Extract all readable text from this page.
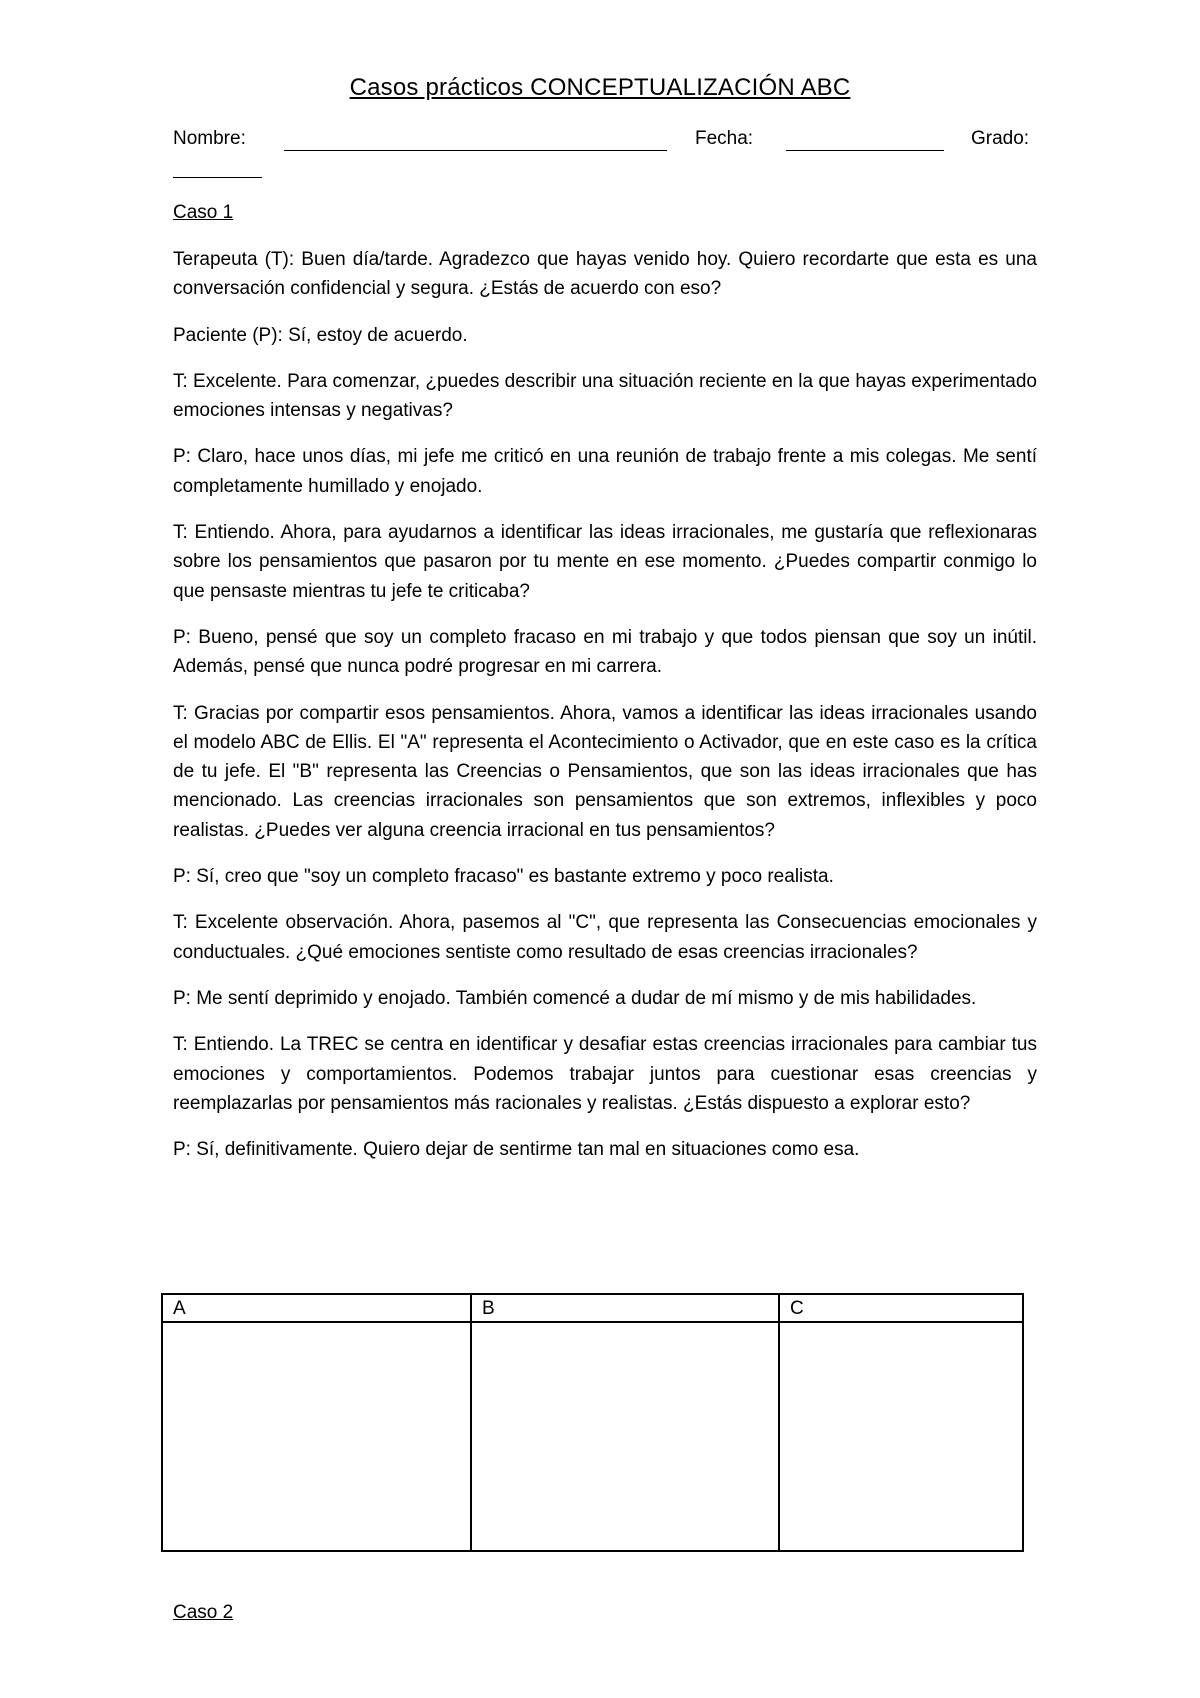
Casos prácticos CONCEPTUALIZACIÓN ABC
Nombre:	Fecha:	Grado:
Caso 1

Terapeuta (T): Buen día/tarde. Agradezco que hayas venido hoy. Quiero recordarte que esta es una conversación confidencial y segura. ¿Estás de acuerdo con eso?

Paciente (P): Sí, estoy de acuerdo.

T: Excelente. Para comenzar, ¿puedes describir una situación reciente en la que hayas experimentado emociones intensas y negativas?

P: Claro, hace unos días, mi jefe me criticó en una reunión de trabajo frente a mis colegas. Me sentí completamente humillado y enojado.

T: Entiendo. Ahora, para ayudarnos a identificar las ideas irracionales, me gustaría que reflexionaras sobre los pensamientos que pasaron por tu mente en ese momento. ¿Puedes compartir conmigo lo que pensaste mientras tu jefe te criticaba?

P: Bueno, pensé que soy un completo fracaso en mi trabajo y que todos piensan que soy un inútil. Además, pensé que nunca podré progresar en mi carrera.

T: Gracias por compartir esos pensamientos. Ahora, vamos a identificar las ideas irracionales usando el modelo ABC de Ellis. El "A" representa el Acontecimiento o Activador, que en este caso es la crítica de tu jefe. El "B" representa las Creencias o Pensamientos, que son las ideas irracionales que has mencionado. Las creencias irracionales son pensamientos que son extremos, inflexibles y poco realistas. ¿Puedes ver alguna creencia irracional en tus pensamientos?

P: Sí, creo que "soy un completo fracaso" es bastante extremo y poco realista.

T: Excelente observación. Ahora, pasemos al "C", que representa las Consecuencias emocionales y conductuales. ¿Qué emociones sentiste como resultado de esas creencias irracionales?

P: Me sentí deprimido y enojado. También comencé a dudar de mí mismo y de mis habilidades.

T: Entiendo. La TREC se centra en identificar y desafiar estas creencias irracionales para cambiar tus emociones y comportamientos. Podemos trabajar juntos para cuestionar esas creencias y reemplazarlas por pensamientos más racionales y realistas. ¿Estás dispuesto a explorar esto?

P: Sí, definitivamente. Quiero dejar de sentirme tan mal en situaciones como esa.

A	B	C

Caso 2
